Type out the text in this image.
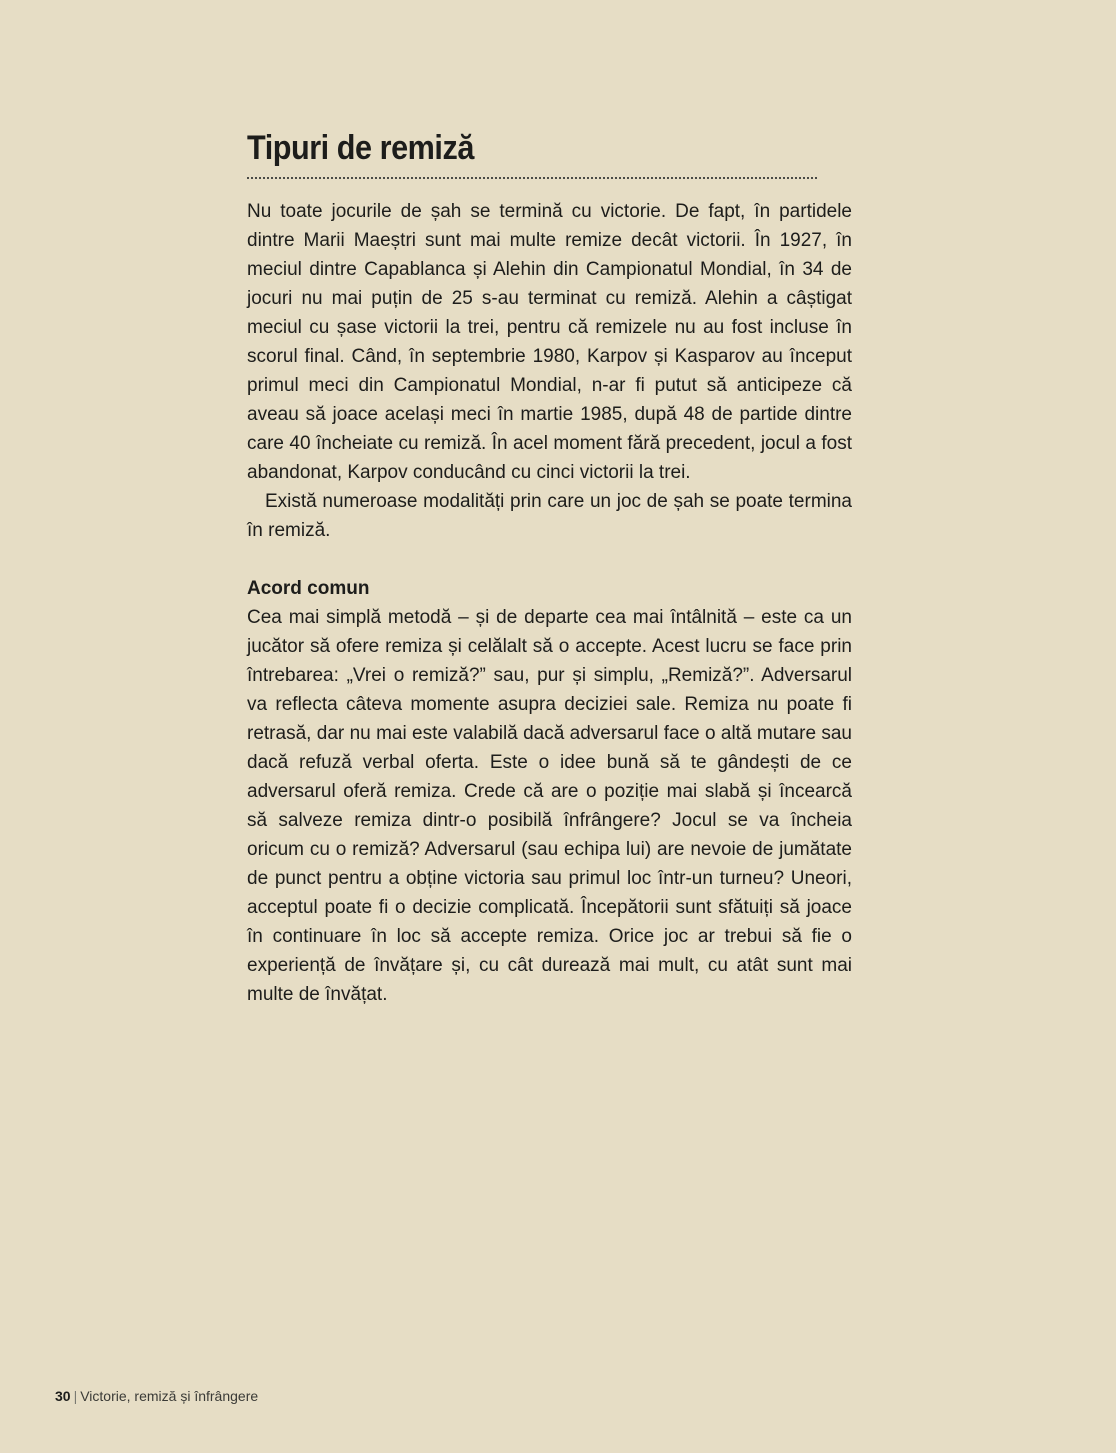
Tipuri de remiză

Nu toate jocurile de șah se termină cu victorie. De fapt, în partidele dintre Marii Maeștri sunt mai multe remize decât victorii. În 1927, în meciul dintre Capablanca și Alehin din Campionatul Mondial, în 34 de jocuri nu mai puțin de 25 s-au terminat cu remiză. Alehin a câștigat meciul cu șase victorii la trei, pentru că remizele nu au fost incluse în scorul final. Când, în septembrie 1980, Karpov și Kasparov au început primul meci din Campionatul Mondial, n-ar fi putut să anticipeze că aveau să joace același meci în martie 1985, după 48 de partide dintre care 40 încheiate cu remiză. În acel moment fără precedent, jocul a fost abandonat, Karpov conducând cu cinci victorii la trei.

Există numeroase modalități prin care un joc de șah se poate termina în remiză.

Acord comun

Cea mai simplă metodă – și de departe cea mai întâlnită – este ca un jucător să ofere remiza și celălalt să o accepte. Acest lucru se face prin întrebarea: „Vrei o remiză?” sau, pur și simplu, „Remiză?”. Adversarul va reflecta câteva momente asupra deciziei sale. Remiza nu poate fi retrasă, dar nu mai este valabilă dacă adversarul face o altă mutare sau dacă refuză verbal oferta. Este o idee bună să te gândești de ce adversarul oferă remiza. Crede că are o poziție mai slabă și încearcă să salveze remiza dintr-o posibilă înfrângere? Jocul se va încheia oricum cu o remiză? Adversarul (sau echipa lui) are nevoie de jumătate de punct pentru a obține victoria sau primul loc într-un turneu? Uneori, acceptul poate fi o decizie complicată. Începătorii sunt sfătuiți să joace în continuare în loc să accepte remiza. Orice joc ar trebui să fie o experiență de învățare și, cu cât durează mai mult, cu atât sunt mai multe de învățat.

30 | Victorie, remiză și înfrângere
